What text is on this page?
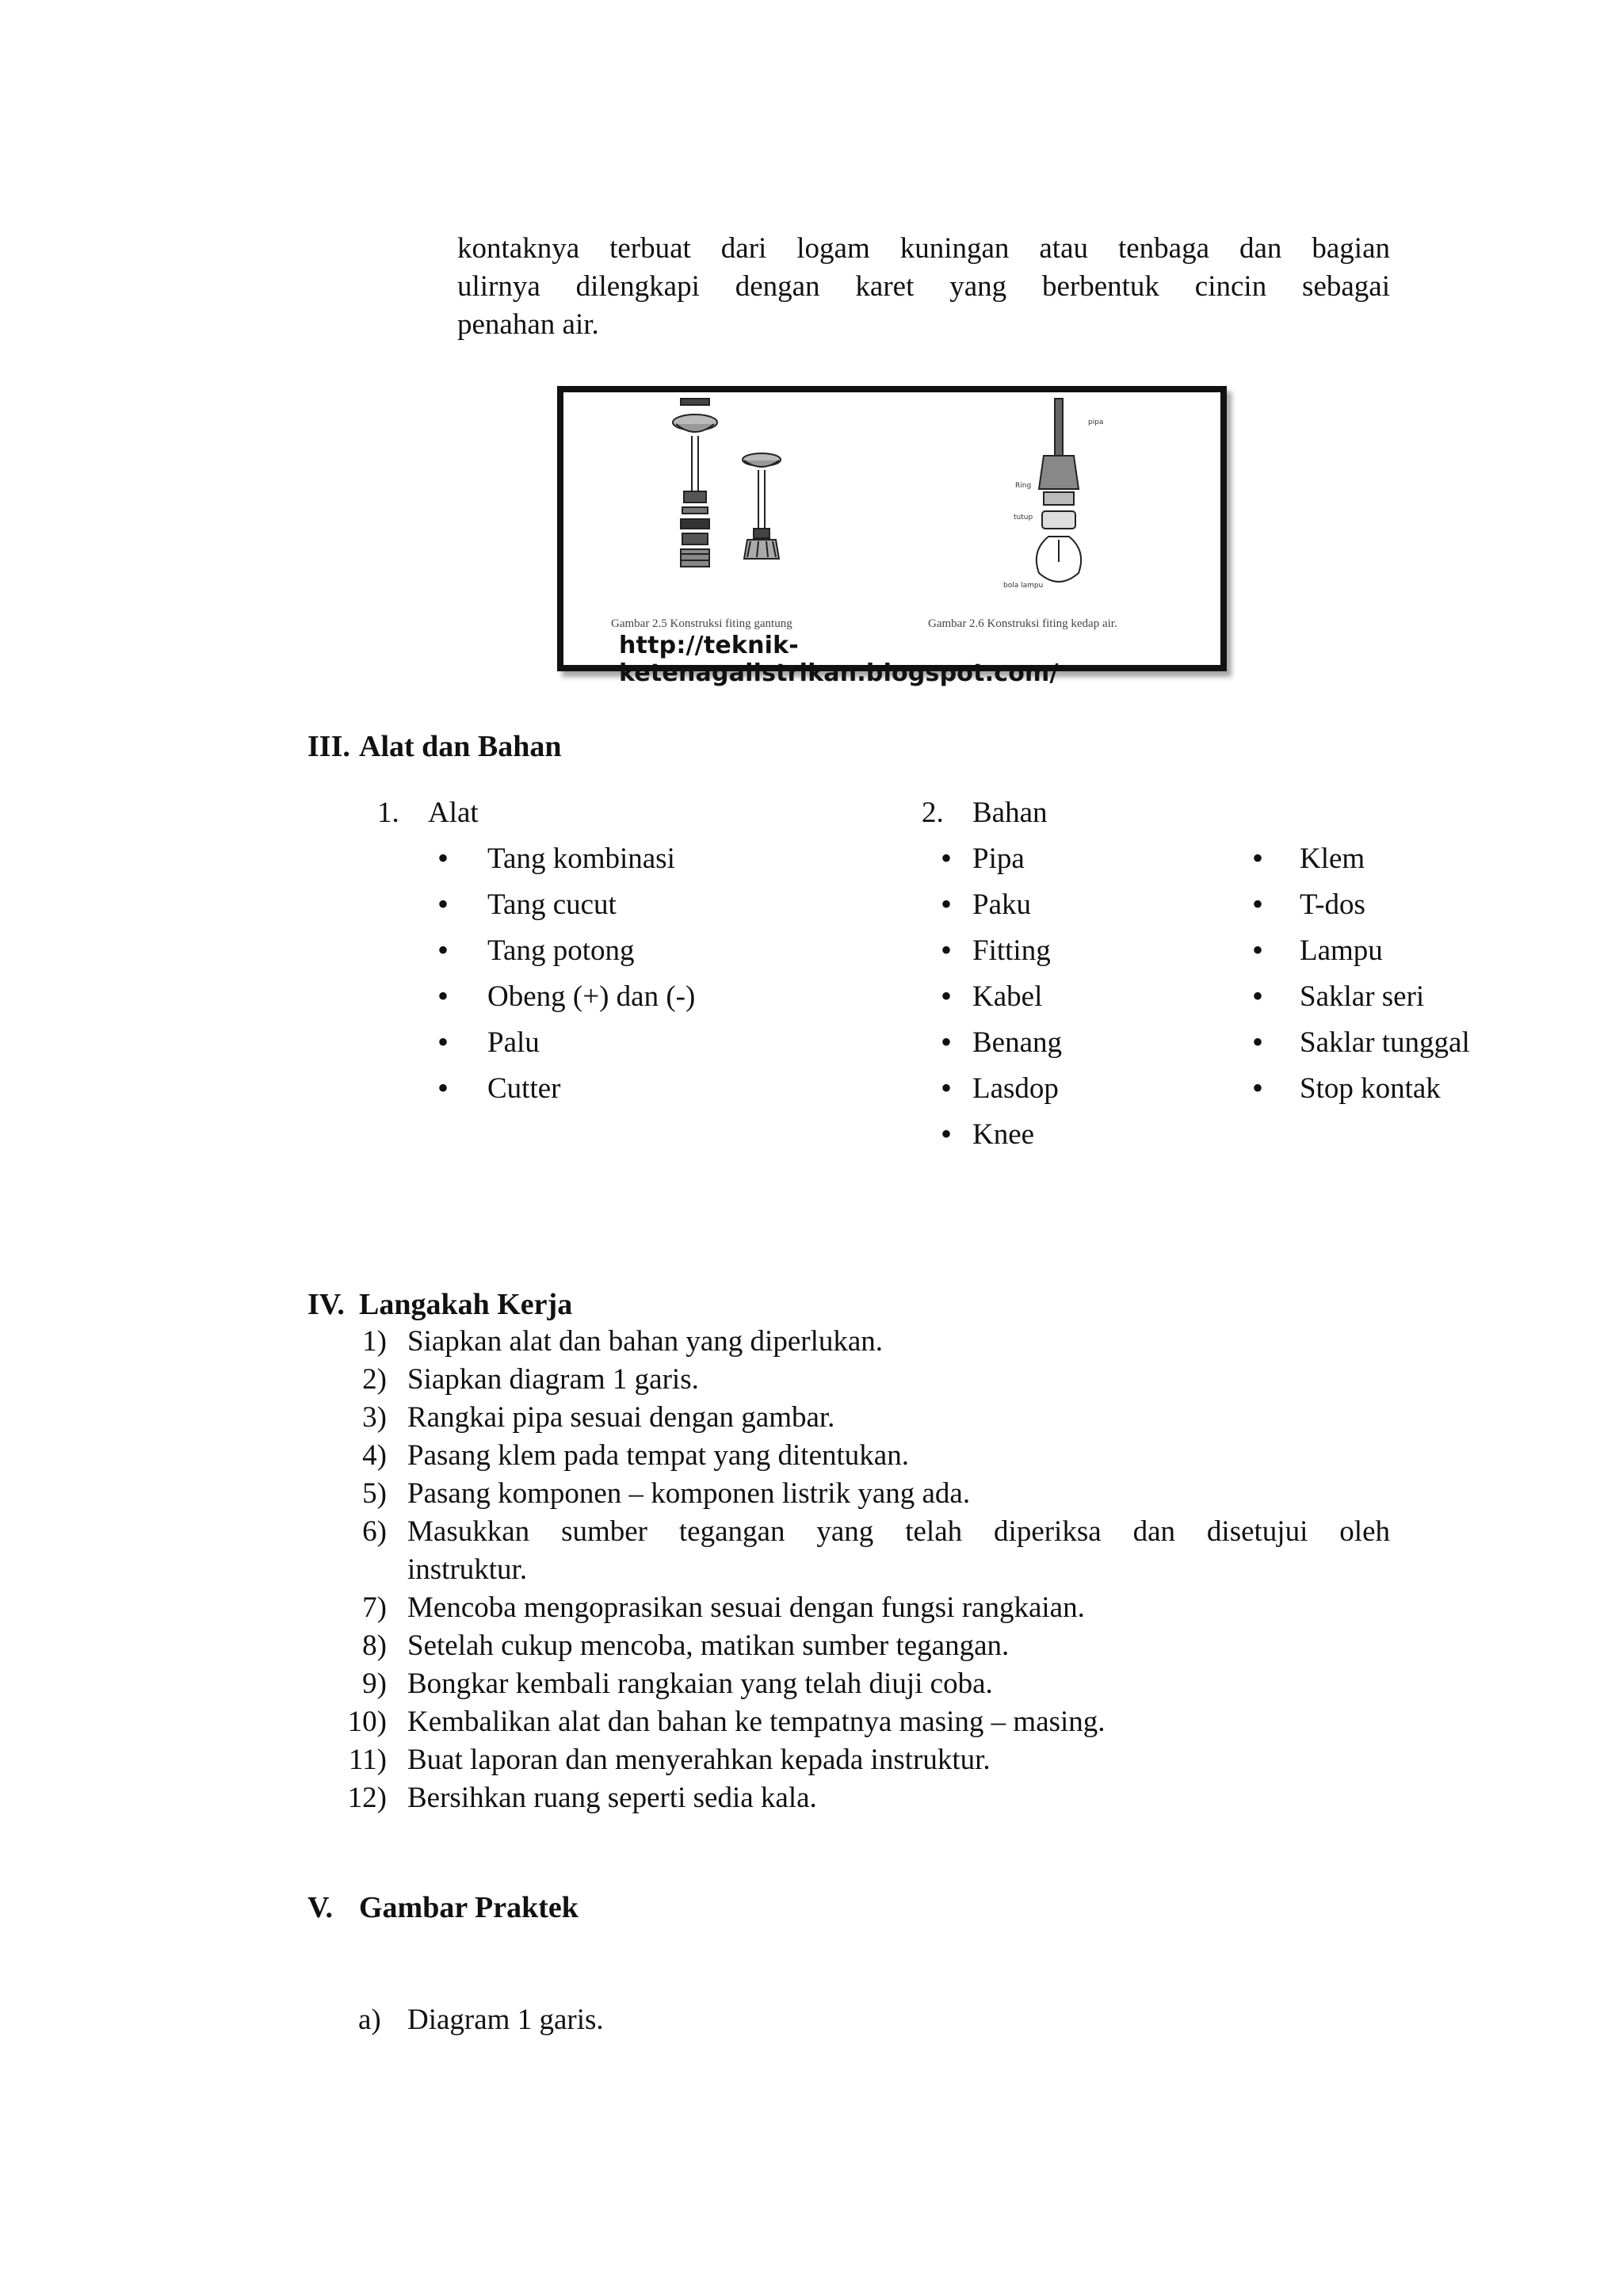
kontaknya terbuat dari logam kuningan atau tenbaga dan bagian
ulirnya dilengkapi dengan karet yang berbentuk cincin sebagai
penahan air.
pipa
Ring
tutup
bola lampu
Gambar 2.5 Konstruksi fiting gantung	Gambar 2.6 Konstruksi fiting kedap air.
http://teknik-ketenagalistrikan.blogspot.com/
III. Alat dan Bahan
1. Alat	2. Bahan
• Tang kombinasi
• Tang cucut
• Tang potong
• Obeng (+) dan (-)
• Palu
• Cutter
• Pipa
• Paku
• Fitting
• Kabel
• Benang
• Lasdop
• Knee
• Klem
• T-dos
• Lampu
• Saklar seri
• Saklar tunggal
• Stop kontak
IV. Langakah Kerja
1) Siapkan alat dan bahan yang diperlukan.
2) Siapkan diagram 1 garis.
3) Rangkai pipa sesuai dengan gambar.
4) Pasang klem pada tempat yang ditentukan.
5) Pasang komponen – komponen listrik yang ada.
6) Masukkan sumber tegangan yang telah diperiksa dan disetujui oleh
instruktur.
7) Mencoba mengoprasikan sesuai dengan fungsi rangkaian.
8) Setelah cukup mencoba, matikan sumber tegangan.
9) Bongkar kembali rangkaian yang telah diuji coba.
10) Kembalikan alat dan bahan ke tempatnya masing – masing.
11) Buat laporan dan menyerahkan kepada instruktur.
12) Bersihkan ruang seperti sedia kala.
V. Gambar Praktek
a) Diagram 1 garis.
